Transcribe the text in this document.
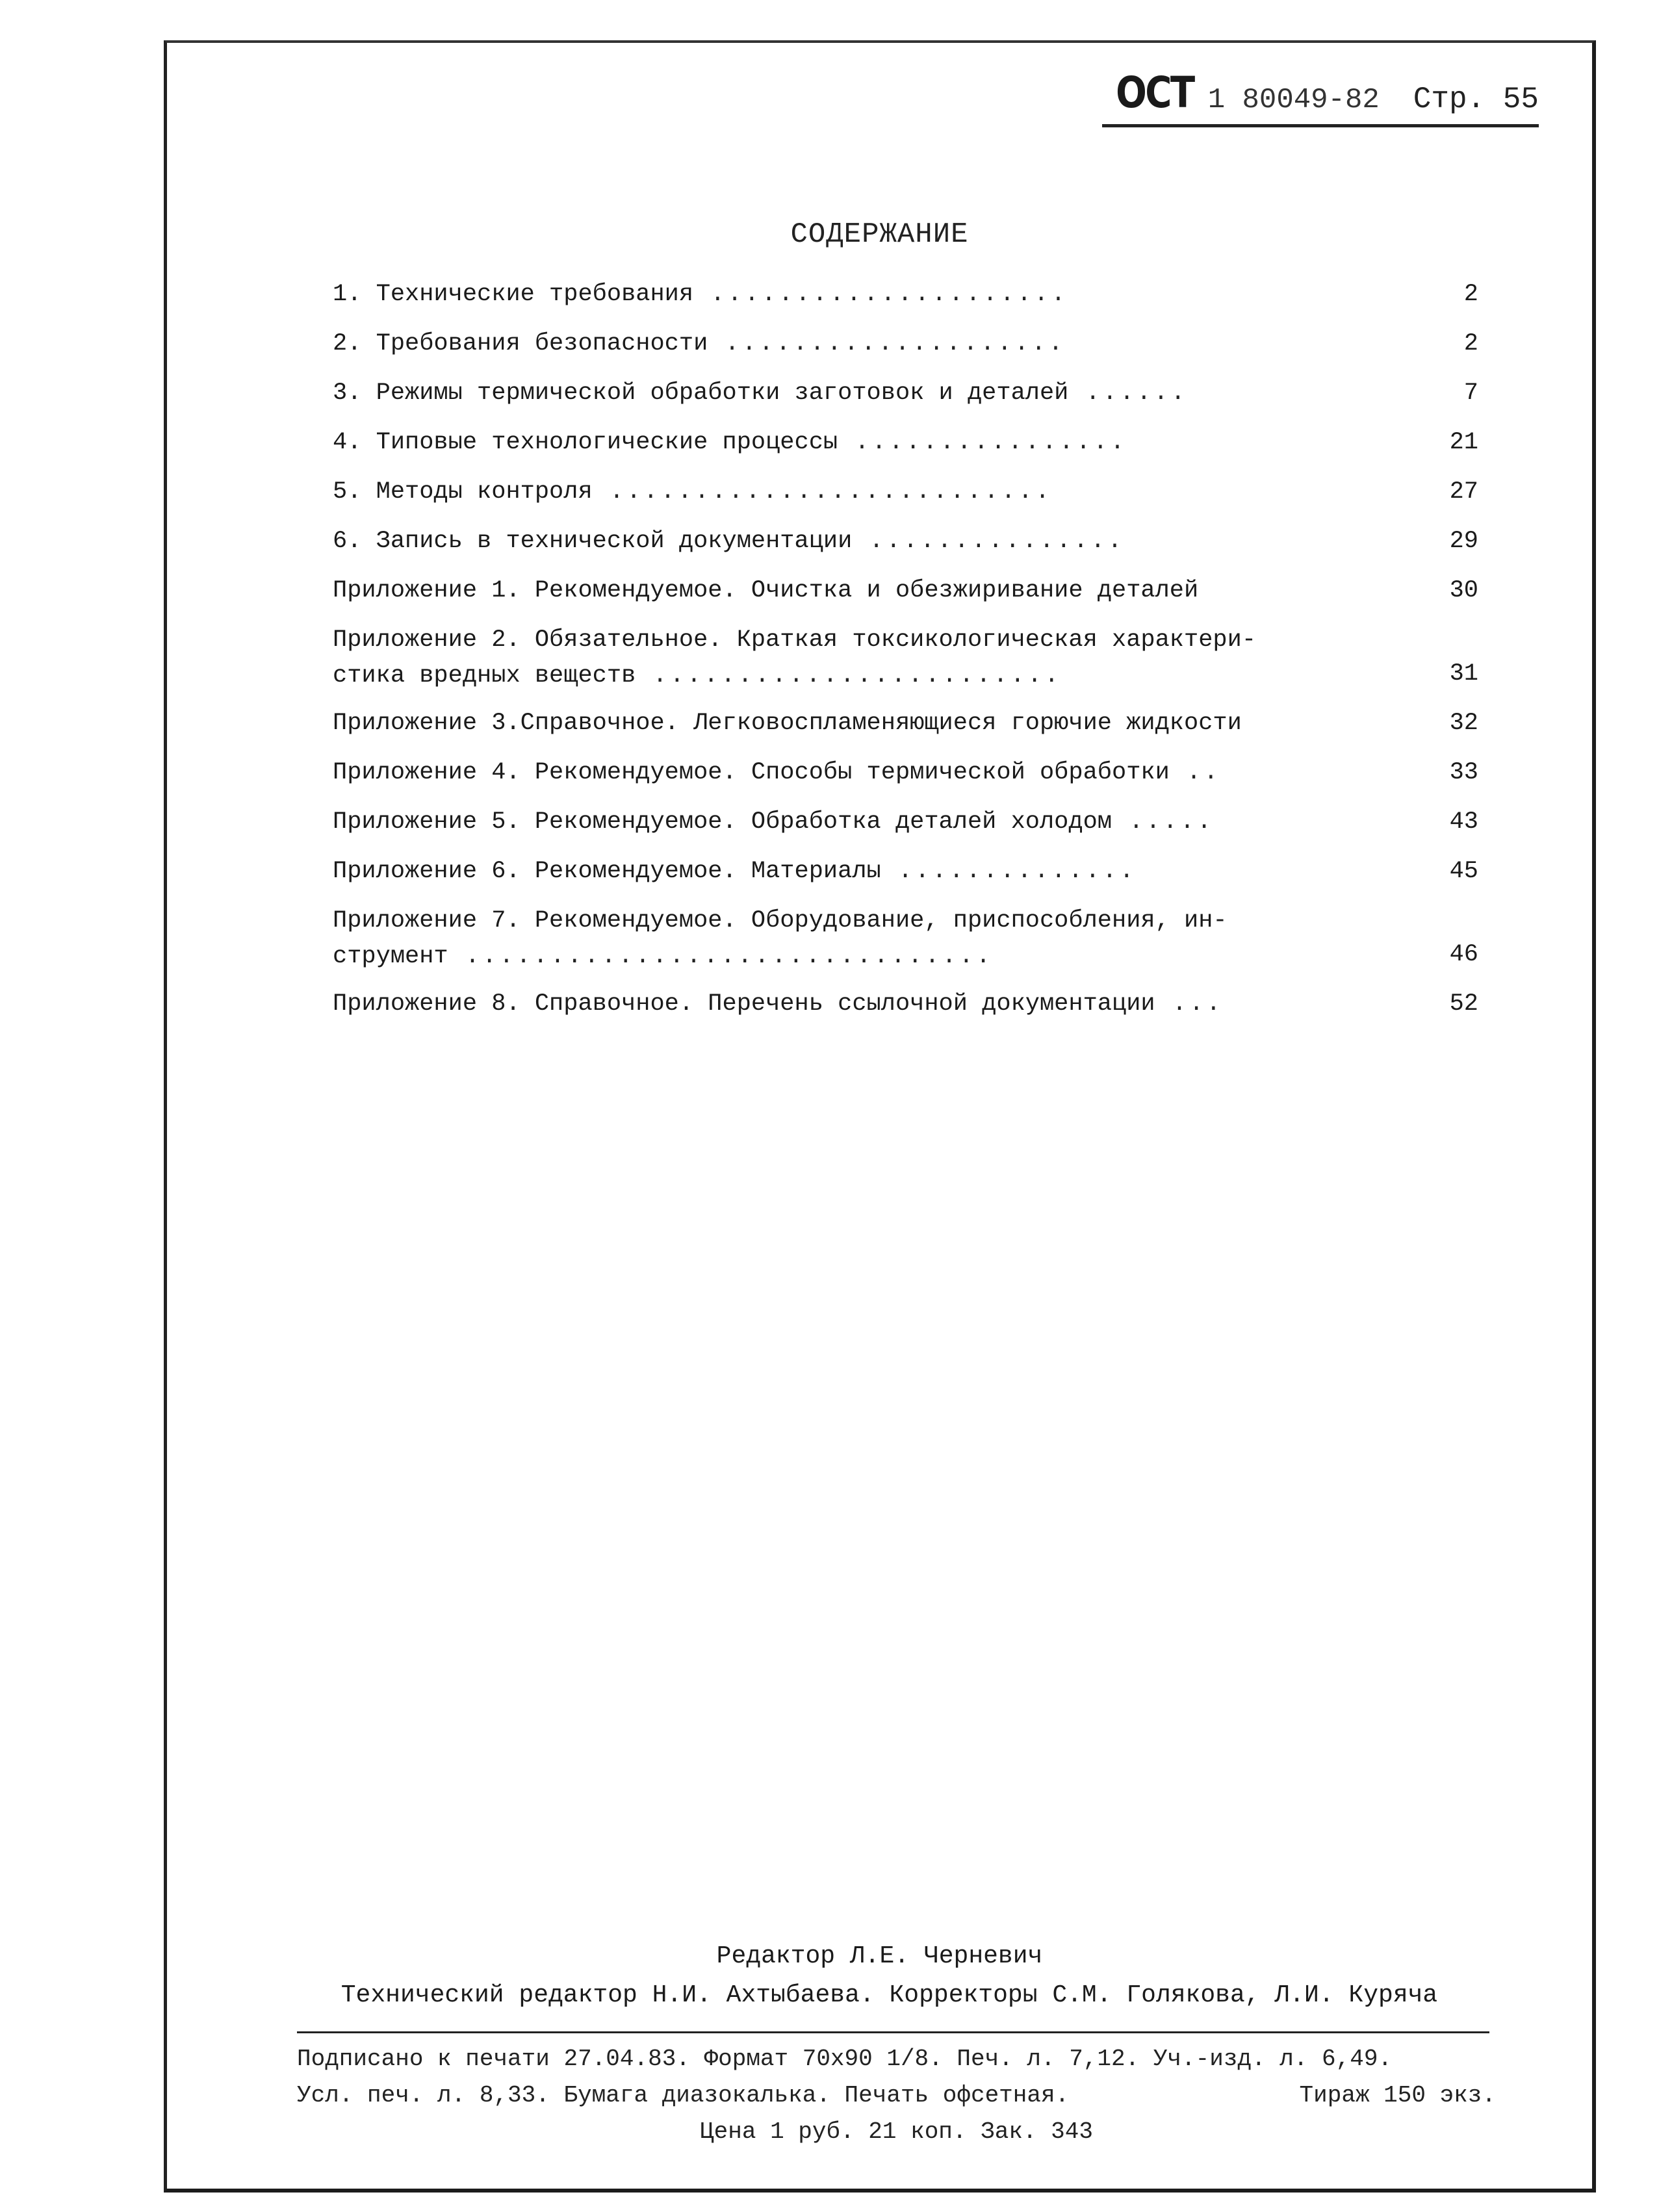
ОСТ 1 80049-82 Стр. 55
СОДЕРЖАНИЕ
1. Технические требования .....................	2
2. Требования безопасности ....................	2
3. Режимы термической обработки заготовок и деталей ......	7
4. Типовые технологические процессы ................	21
5. Методы контроля ..........................	27
6. Запись в технической документации ...............	29
Приложение 1. Рекомендуемое. Очистка и обезжиривание деталей	30
Приложение 2. Обязательное. Краткая токсикологическая характери-
стика вредных веществ ........................	31
Приложение 3.Справочное. Легковоспламеняющиеся горючие жидкости	32
Приложение 4. Рекомендуемое. Способы термической обработки ..	33
Приложение 5. Рекомендуемое. Обработка деталей холодом .....	43
Приложение 6. Рекомендуемое. Материалы ..............	45
Приложение 7. Рекомендуемое. Оборудование, приспособления, ин-
струмент ...............................	46
Приложение 8. Справочное. Перечень ссылочной документации ...	52
Редактор Л.Е. Черневич
Технический редактор Н.И. Ахтыбаева. Корректоры С.М. Голякова, Л.И. Куряча
Подписано к печати 27.04.83. Формат 70х90 1/8. Печ. л. 7,12. Уч.-изд. л. 6,49.
Усл. печ. л. 8,33. Бумага диазокалька. Печать офсетная.	Тираж 150 экз.
Цена 1 руб. 21 коп. Зак. 343
